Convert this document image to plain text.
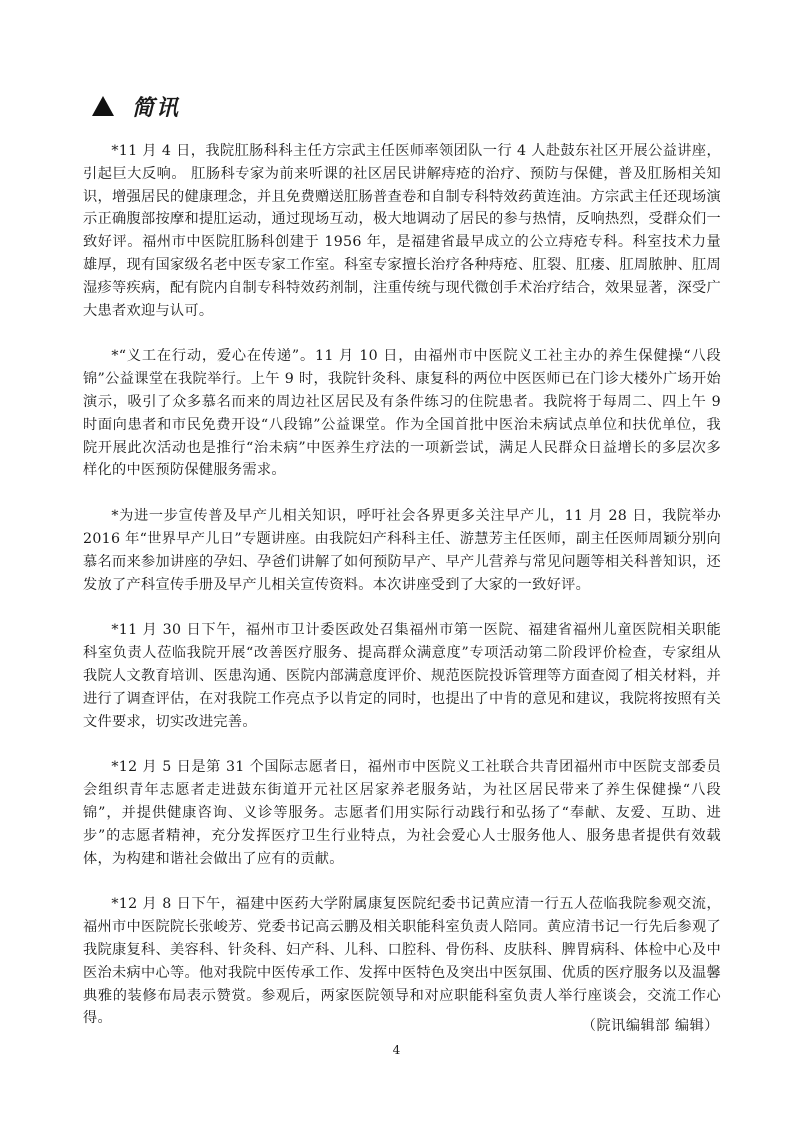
简讯

*11 月 4 日，我院肛肠科科主任方宗武主任医师率领团队一行 4 人赴鼓东社区开展公益讲座，引起巨大反响。 肛肠科专家为前来听课的社区居民讲解痔疮的治疗、预防与保健，普及肛肠相关知识，增强居民的健康理念，并且免费赠送肛肠普查卷和自制专科特效药黄连油。方宗武主任还现场演示正确腹部按摩和提肛运动，通过现场互动，极大地调动了居民的参与热情，反响热烈，受群众们一致好评。福州市中医院肛肠科创建于 1956 年，是福建省最早成立的公立痔疮专科。科室技术力量雄厚，现有国家级名老中医专家工作室。科室专家擅长治疗各种痔疮、肛裂、肛瘘、肛周脓肿、肛周湿疹等疾病，配有院内自制专科特效药剂制，注重传统与现代微创手术治疗结合，效果显著，深受广大患者欢迎与认可。

*“义工在行动，爱心在传递”。11 月 10 日，由福州市中医院义工社主办的养生保健操“八段锦”公益课堂在我院举行。上午 9 时，我院针灸科、康复科的两位中医医师已在门诊大楼外广场开始演示，吸引了众多慕名而来的周边社区居民及有条件练习的住院患者。我院将于每周二、四上午 9 时面向患者和市民免费开设“八段锦”公益课堂。作为全国首批中医治未病试点单位和扶优单位，我院开展此次活动也是推行“治未病”中医养生疗法的一项新尝试，满足人民群众日益增长的多层次多样化的中医预防保健服务需求。

*为进一步宣传普及早产儿相关知识，呼吁社会各界更多关注早产儿，11 月 28 日，我院举办 2016 年“世界早产儿日”专题讲座。由我院妇产科科主任、游慧芳主任医师，副主任医师周颖分别向慕名而来参加讲座的孕妇、孕爸们讲解了如何预防早产、早产儿营养与常见问题等相关科普知识，还发放了产科宣传手册及早产儿相关宣传资料。本次讲座受到了大家的一致好评。

*11 月 30 日下午，福州市卫计委医政处召集福州市第一医院、福建省福州儿童医院相关职能科室负责人莅临我院开展“改善医疗服务、提高群众满意度”专项活动第二阶段评价检查，专家组从我院人文教育培训、医患沟通、医院内部满意度评价、规范医院投诉管理等方面查阅了相关材料，并进行了调查评估，在对我院工作亮点予以肯定的同时，也提出了中肯的意见和建议，我院将按照有关文件要求，切实改进完善。

*12 月 5 日是第 31 个国际志愿者日，福州市中医院义工社联合共青团福州市中医院支部委员会组织青年志愿者走进鼓东街道开元社区居家养老服务站，为社区居民带来了养生保健操“八段锦”，并提供健康咨询、义诊等服务。志愿者们用实际行动践行和弘扬了“奉献、友爱、互助、进步”的志愿者精神，充分发挥医疗卫生行业特点，为社会爱心人士服务他人、服务患者提供有效载体，为构建和谐社会做出了应有的贡献。

*12 月 8 日下午，福建中医药大学附属康复医院纪委书记黄应清一行五人莅临我院参观交流，福州市中医院院长张峻芳、党委书记高云鹏及相关职能科室负责人陪同。黄应清书记一行先后参观了我院康复科、美容科、针灸科、妇产科、儿科、口腔科、骨伤科、皮肤科、脾胃病科、体检中心及中医治未病中心等。他对我院中医传承工作、发挥中医特色及突出中医氛围、优质的医疗服务以及温馨典雅的装修布局表示赞赏。参观后，两家医院领导和对应职能科室负责人举行座谈会，交流工作心得。	（院讯编辑部 编辑）
4
